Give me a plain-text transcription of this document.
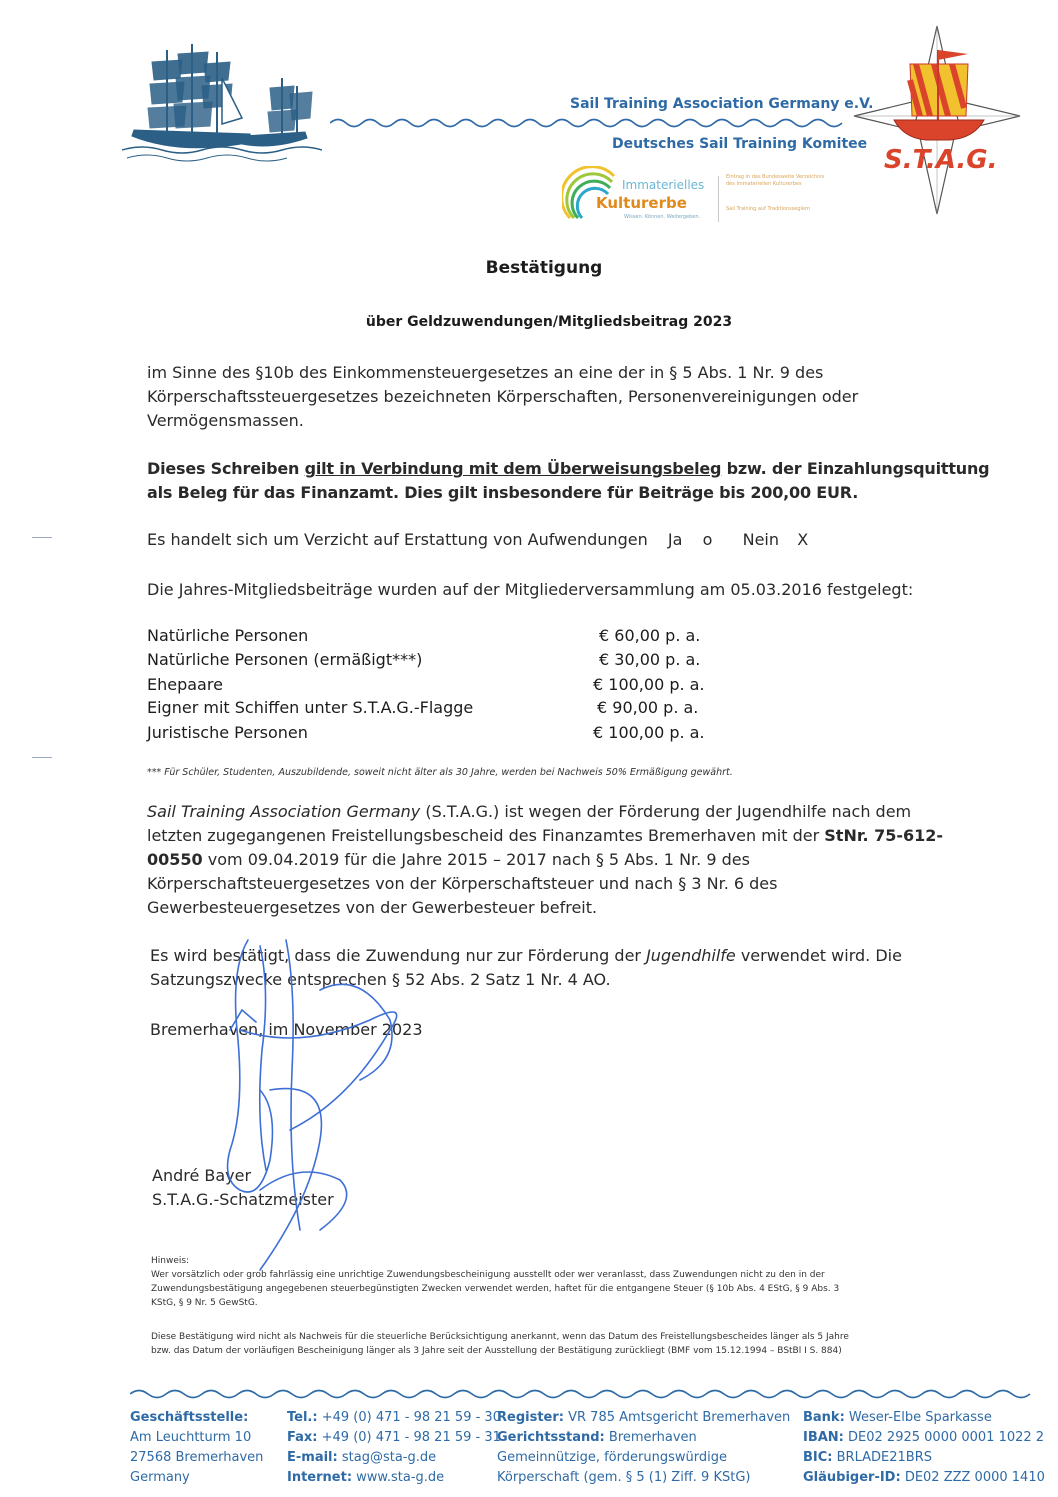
Sail Training Association Germany e.V.
Deutsches Sail Training Komitee
Immaterielles
Kulturerbe
Wissen. Können. Weitergeben.
Eintrag in das Bundesweite Verzeichnis des Immateriellen Kulturerbes
Sail Training auf Traditionsseglern
S.T.A.G.
Bestätigung
über Geldzuwendungen/Mitgliedsbeitrag 2023
im Sinne des §10b des Einkommensteuergesetzes an eine der in § 5 Abs. 1 Nr. 9 des
Körperschaftssteuergesetzes bezeichneten Körperschaften, Personenvereinigungen oder
Vermögensmassen.
Dieses Schreiben gilt in Verbindung mit dem Überweisungsbeleg bzw. der Einzahlungsquittung
als Beleg für das Finanzamt. Dies gilt insbesondere für Beiträge bis 200,00 EUR.
Es handelt sich um Verzicht auf Erstattung von Aufwendungen Ja o Nein X
Die Jahres-Mitgliedsbeiträge wurden auf der Mitgliederversammlung am 05.03.2016 festgelegt:
Natürliche Personen	€ 60,00 p. a.
Natürliche Personen (ermäßigt***)	€ 30,00 p. a.
Ehepaare	€ 100,00 p. a.
Eigner mit Schiffen unter S.T.A.G.-Flagge	€ 90,00 p. a.
Juristische Personen	€ 100,00 p. a.
*** Für Schüler, Studenten, Auszubildende, soweit nicht älter als 30 Jahre, werden bei Nachweis 50% Ermäßigung gewährt.
Sail Training Association Germany (S.T.A.G.) ist wegen der Förderung der Jugendhilfe nach dem
letzten zugegangenen Freistellungsbescheid des Finanzamtes Bremerhaven mit der StNr. 75-612-
00550 vom 09.04.2019 für die Jahre 2015 – 2017 nach § 5 Abs. 1 Nr. 9 des
Körperschaftsteuergesetzes von der Körperschaftsteuer und nach § 3 Nr. 6 des
Gewerbesteuergesetzes von der Gewerbesteuer befreit.
Es wird bestätigt, dass die Zuwendung nur zur Förderung der Jugendhilfe verwendet wird. Die
Satzungszwecke entsprechen § 52 Abs. 2 Satz 1 Nr. 4 AO.
Bremerhaven, im November 2023
André Bayer
S.T.A.G.-Schatzmeister
Hinweis:
Wer vorsätzlich oder grob fahrlässig eine unrichtige Zuwendungsbescheinigung ausstellt oder wer veranlasst, dass Zuwendungen nicht zu den in der
Zuwendungsbestätigung angegebenen steuerbegünstigten Zwecken verwendet werden, haftet für die entgangene Steuer (§ 10b Abs. 4 EStG, § 9 Abs. 3
KStG, § 9 Nr. 5 GewStG.
Diese Bestätigung wird nicht als Nachweis für die steuerliche Berücksichtigung anerkannt, wenn das Datum des Freistellungsbescheides länger als 5 Jahre
bzw. das Datum der vorläufigen Bescheinigung länger als 3 Jahre seit der Ausstellung der Bestätigung zurückliegt (BMF vom 15.12.1994 – BStBl I S. 884)
Geschäftsstelle:
Am Leuchtturm 10
27568 Bremerhaven
Germany
Tel.: +49 (0) 471 - 98 21 59 - 30
Fax: +49 (0) 471 - 98 21 59 - 31
E-mail: stag@sta-g.de
Internet: www.sta-g.de
Register: VR 785 Amtsgericht Bremerhaven
Gerichtsstand: Bremerhaven
Gemeinnützige, förderungswürdige
Körperschaft (gem. § 5 (1) Ziff. 9 KStG)
Bank: Weser-Elbe Sparkasse
IBAN: DE02 2925 0000 0001 1022 2
BIC: BRLADE21BRS
Gläubiger-ID: DE02 ZZZ 0000 1410
